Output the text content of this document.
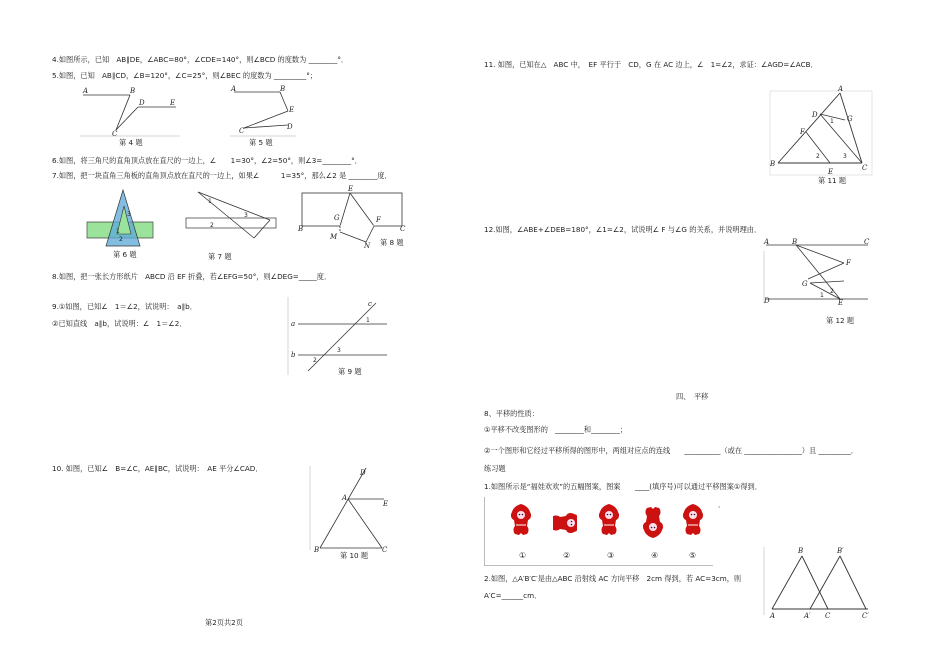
4.如图所示，已知　AB∥DE，∠ABC=80°，∠CDE=140°，则∠BCD 的度数为 ________°．
5.如图，已知　AB∥CD，∠B=120°，∠C=25°，则∠BEC 的度数为 _________°；
A	B
D	E
C
第 4 题
A	B
E
C	D
第 5 题
6.如图，将三角尺的直角顶点放在直尺的一边上，∠　　1=30°，∠2=50°，则∠3=________°．
7.如图，把一块直角三角板的直角顶点放在直尺的一边上，如果∠　　　1=35°，那么∠2 是 ________度．
3
1
2
第 6 题
1
2
3
第 7 题
E
G	F
M
N
B	C
第 8 题
8.如图，把一张长方形纸片　ABCD 沿 EF 折叠，若∠EFG=50°，则∠DEG=_____度．
9.①如图，已知∠　1＝∠2，试说明：　a∥b．
②已知直线　a∥b，试说明：∠　1＝∠2．	a
b
c
1
3
2
第 9 题
10. 如图，已知∠　B=∠C，AE∥BC，试说明：　AE 平分∠CAD．	D
A
E
B	C
第 10 题
第2页共2页
11. 如图，已知在△　ABC 中，　EF 平行于　CD，G 在 AC 边上，∠　1=∠2，求证：∠AGD=∠ACB．
A
D	G
F
B
E	C
1
2	3
第 11 题
12.如图，∠ABE+∠DEB=180°，∠1=∠2，试说明∠ F 与∠G 的关系，并说明理由．
A	B	C
F
G
D	E
2
1
第 12 题
四、　平移
8、平移的性质：
①平移不改变图形的　________和________；
②一个图形和它经过平移所得的图形中，两组对应点的连线　　__________（或在 ________________）且 _________．
练习题
1.如图所示是“福娃欢欢”的五幅图案，图案　　____(填序号)可以通过平移图案①得到．
．
①	②	③	④	⑤
2.如图，△A′B′C′是由△ABC 沿射线 AC 方向平移　2cm 得到，若 AC=3cm，则
A′C=______cm．
B	B′
A	A′ C	C′
